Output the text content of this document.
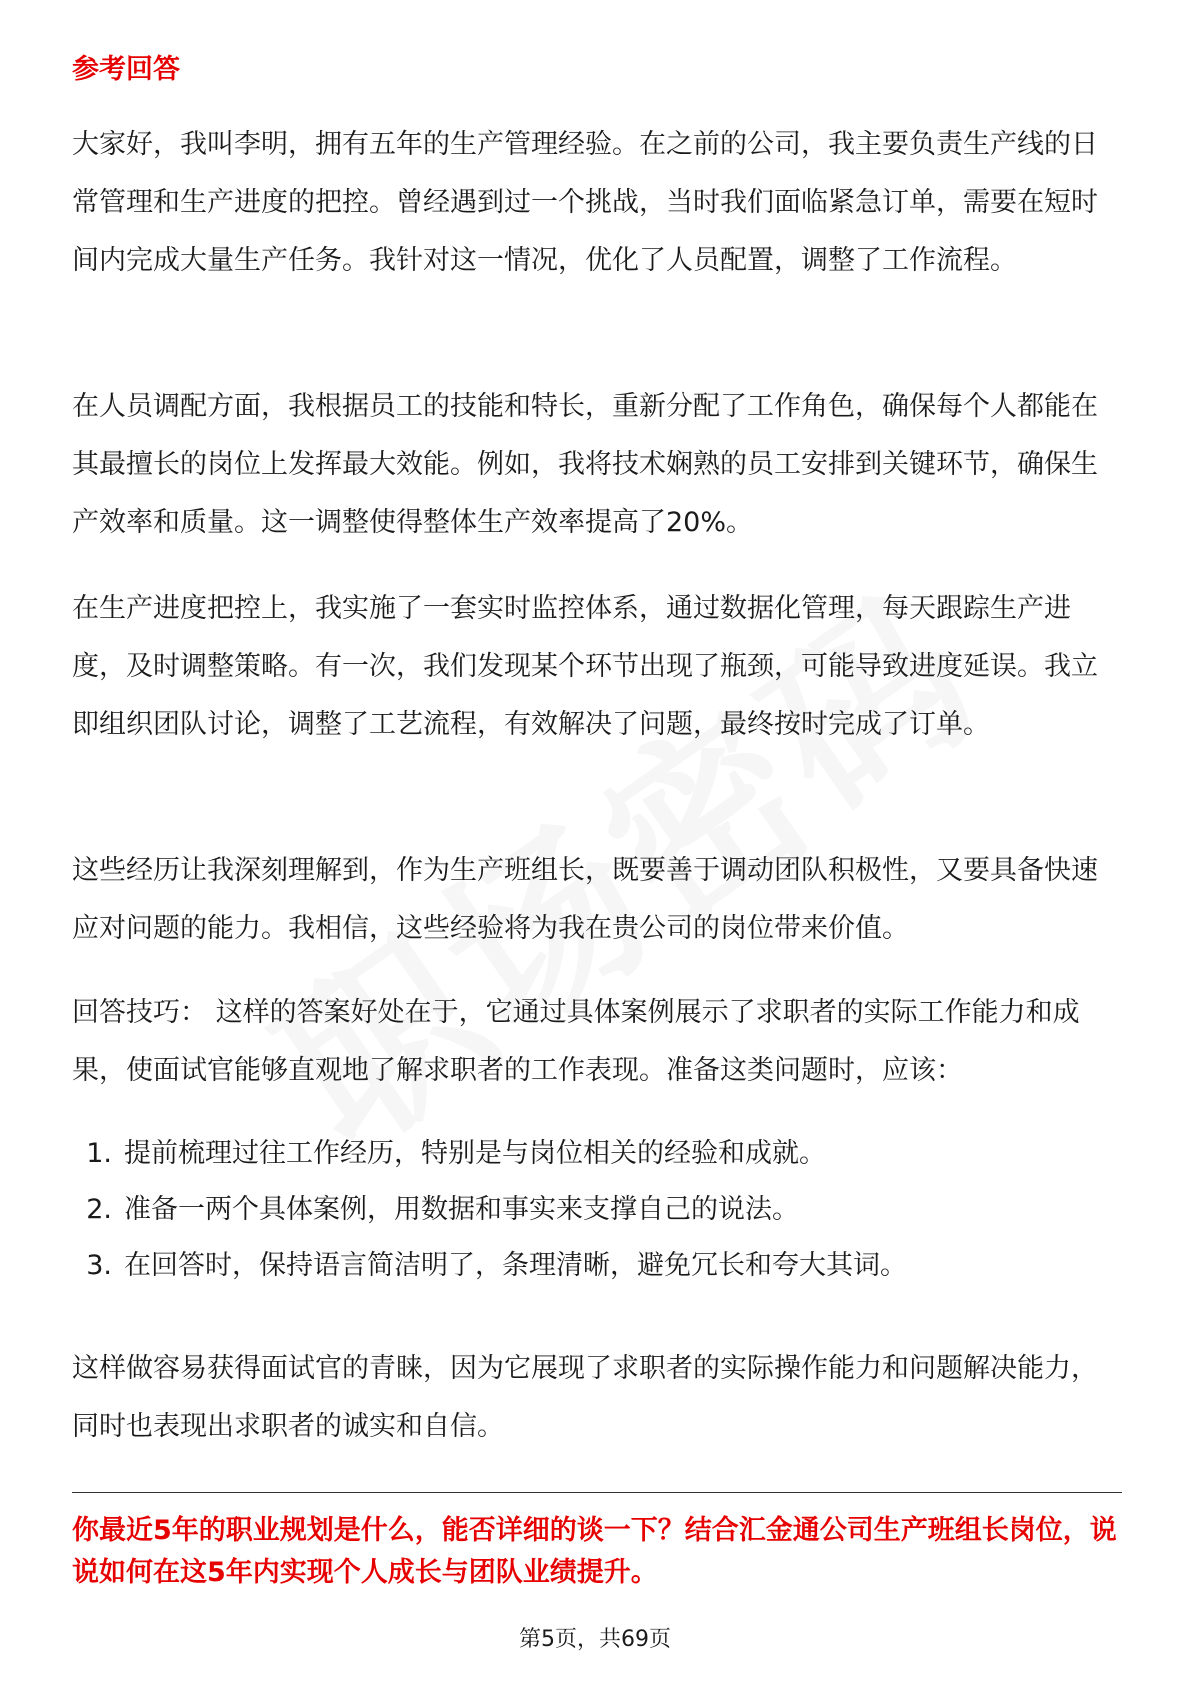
参考回答
大家好，我叫李明，拥有五年的生产管理经验。在之前的公司，我主要负责生产线的日常管理和生产进度的把控。曾经遇到过一个挑战，当时我们面临紧急订单，需要在短时间内完成大量生产任务。我针对这一情况，优化了人员配置，调整了工作流程。
在人员调配方面，我根据员工的技能和特长，重新分配了工作角色，确保每个人都能在其最擅长的岗位上发挥最大效能。例如，我将技术娴熟的员工安排到关键环节，确保生产效率和质量。这一调整使得整体生产效率提高了20%。
在生产进度把控上，我实施了一套实时监控体系，通过数据化管理，每天跟踪生产进度，及时调整策略。有一次，我们发现某个环节出现了瓶颈，可能导致进度延误。我立即组织团队讨论，调整了工艺流程，有效解决了问题，最终按时完成了订单。
这些经历让我深刻理解到，作为生产班组长，既要善于调动团队积极性，又要具备快速应对问题的能力。我相信，这些经验将为我在贵公司的岗位带来价值。
回答技巧： 这样的答案好处在于，它通过具体案例展示了求职者的实际工作能力和成果，使面试官能够直观地了解求职者的工作表现。准备这类问题时，应该：
1. 提前梳理过往工作经历，特别是与岗位相关的经验和成就。
2. 准备一两个具体案例，用数据和事实来支撑自己的说法。
3. 在回答时，保持语言简洁明了，条理清晰，避免冗长和夸大其词。
这样做容易获得面试官的青睐，因为它展现了求职者的实际操作能力和问题解决能力，同时也表现出求职者的诚实和自信。
你最近5年的职业规划是什么，能否详细的谈一下？结合汇金通公司生产班组长岗位，说说如何在这5年内实现个人成长与团队业绩提升。
第5页，共69页
